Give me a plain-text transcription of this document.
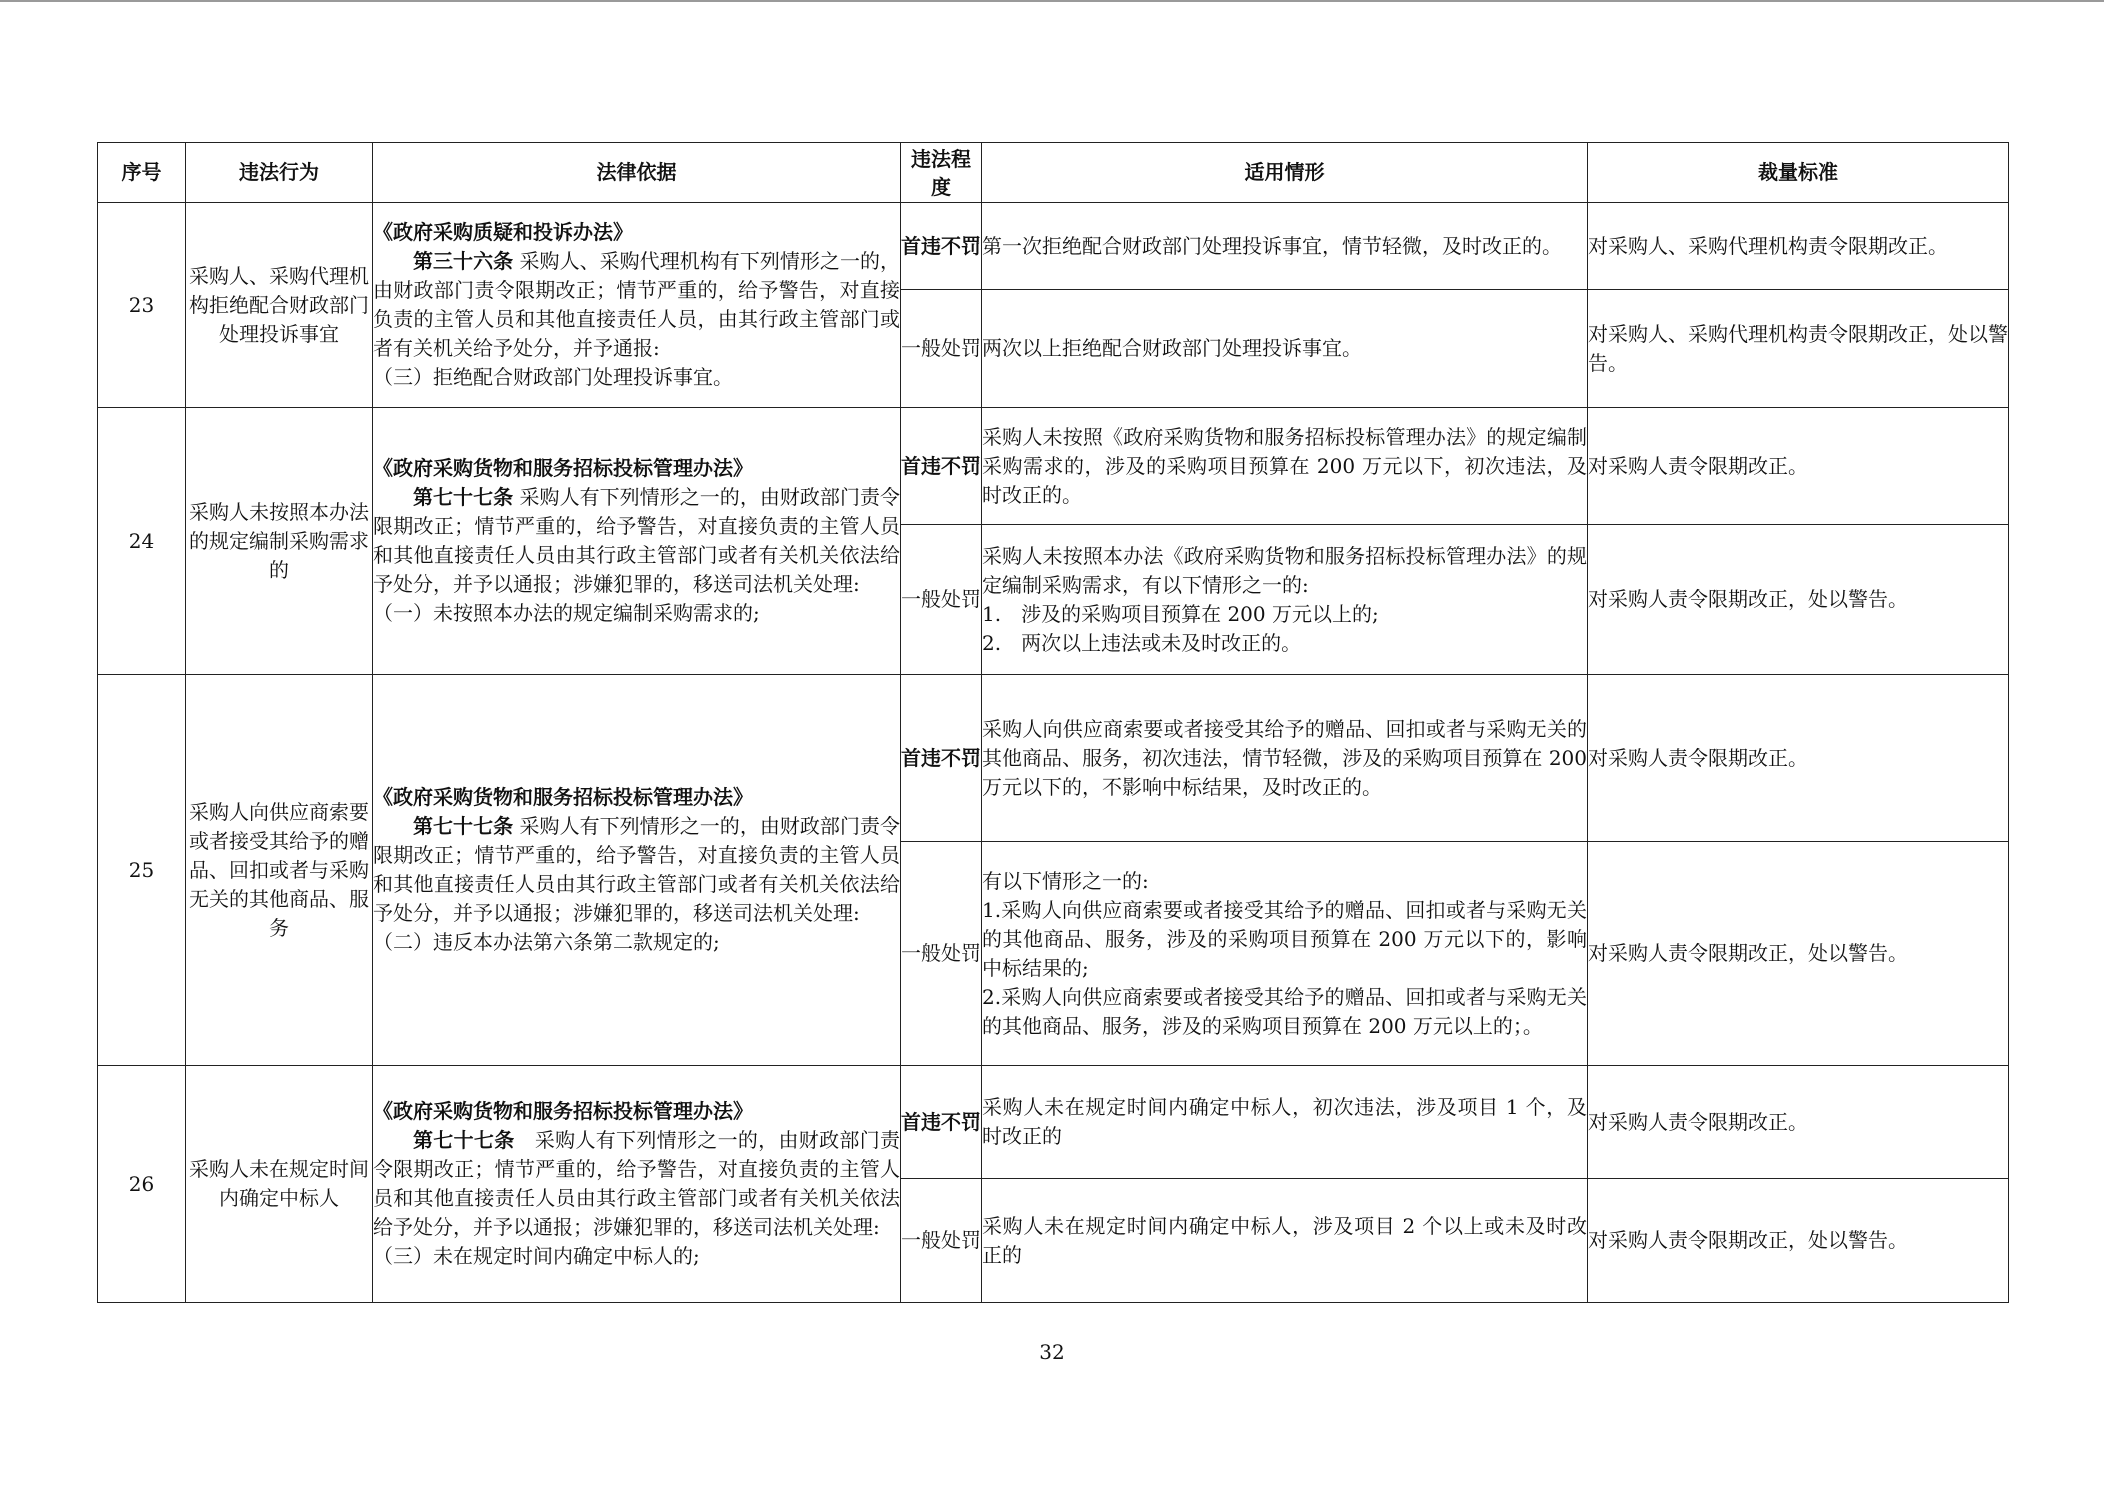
序号	违法行为	法律依据	违法程度	适用情形	裁量标准
23	采购人、采购代理机构拒绝配合财政部门处理投诉事宜	《政府采购质疑和投诉办法》
第三十六条 采购人、采购代理机构有下列情形之一的，由财政部门责令限期改正；情节严重的，给予警告，对直接负责的主管人员和其他直接责任人员，由其行政主管部门或者有关机关给予处分，并予通报:
（三）拒绝配合财政部门处理投诉事宜。	首违不罚	第一次拒绝配合财政部门处理投诉事宜，情节轻微，及时改正的。	对采购人、采购代理机构责令限期改正。
			一般处罚	两次以上拒绝配合财政部门处理投诉事宜。	对采购人、采购代理机构责令限期改正，处以警告。
24	采购人未按照本办法的规定编制采购需求的	《政府采购货物和服务招标投标管理办法》
第七十七条 采购人有下列情形之一的，由财政部门责令限期改正；情节严重的，给予警告，对直接负责的主管人员和其他直接责任人员由其行政主管部门或者有关机关依法给予处分，并予以通报；涉嫌犯罪的，移送司法机关处理:
（一）未按照本办法的规定编制采购需求的;	首违不罚	采购人未按照《政府采购货物和服务招标投标管理办法》的规定编制采购需求的，涉及的采购项目预算在 200 万元以下，初次违法，及时改正的。	对采购人责令限期改正。
			一般处罚	采购人未按照本办法《政府采购货物和服务招标投标管理办法》的规定编制采购需求，有以下情形之一的:
1.　涉及的采购项目预算在 200 万元以上的;
2.　两次以上违法或未及时改正的。	对采购人责令限期改正，处以警告。
25	采购人向供应商索要或者接受其给予的赠品、回扣或者与采购无关的其他商品、服务	《政府采购货物和服务招标投标管理办法》
第七十七条 采购人有下列情形之一的，由财政部门责令限期改正；情节严重的，给予警告，对直接负责的主管人员和其他直接责任人员由其行政主管部门或者有关机关依法给予处分，并予以通报；涉嫌犯罪的，移送司法机关处理:
（二）违反本办法第六条第二款规定的;	首违不罚	采购人向供应商索要或者接受其给予的赠品、回扣或者与采购无关的其他商品、服务，初次违法，情节轻微，涉及的采购项目预算在 200 万元以下的，不影响中标结果，及时改正的。	对采购人责令限期改正。
			一般处罚	有以下情形之一的:
1.采购人向供应商索要或者接受其给予的赠品、回扣或者与采购无关的其他商品、服务，涉及的采购项目预算在 200 万元以下的，影响中标结果的;
2.采购人向供应商索要或者接受其给予的赠品、回扣或者与采购无关的其他商品、服务，涉及的采购项目预算在 200 万元以上的；。	对采购人责令限期改正，处以警告。
26	采购人未在规定时间内确定中标人	《政府采购货物和服务招标投标管理办法》
第七十七条　采购人有下列情形之一的，由财政部门责令限期改正；情节严重的，给予警告，对直接负责的主管人员和其他直接责任人员由其行政主管部门或者有关机关依法给予处分，并予以通报；涉嫌犯罪的，移送司法机关处理:
（三）未在规定时间内确定中标人的;	首违不罚	采购人未在规定时间内确定中标人，初次违法，涉及项目 1 个，及时改正的	对采购人责令限期改正。
			一般处罚	采购人未在规定时间内确定中标人，涉及项目 2 个以上或未及时改正的	对采购人责令限期改正，处以警告。
32
